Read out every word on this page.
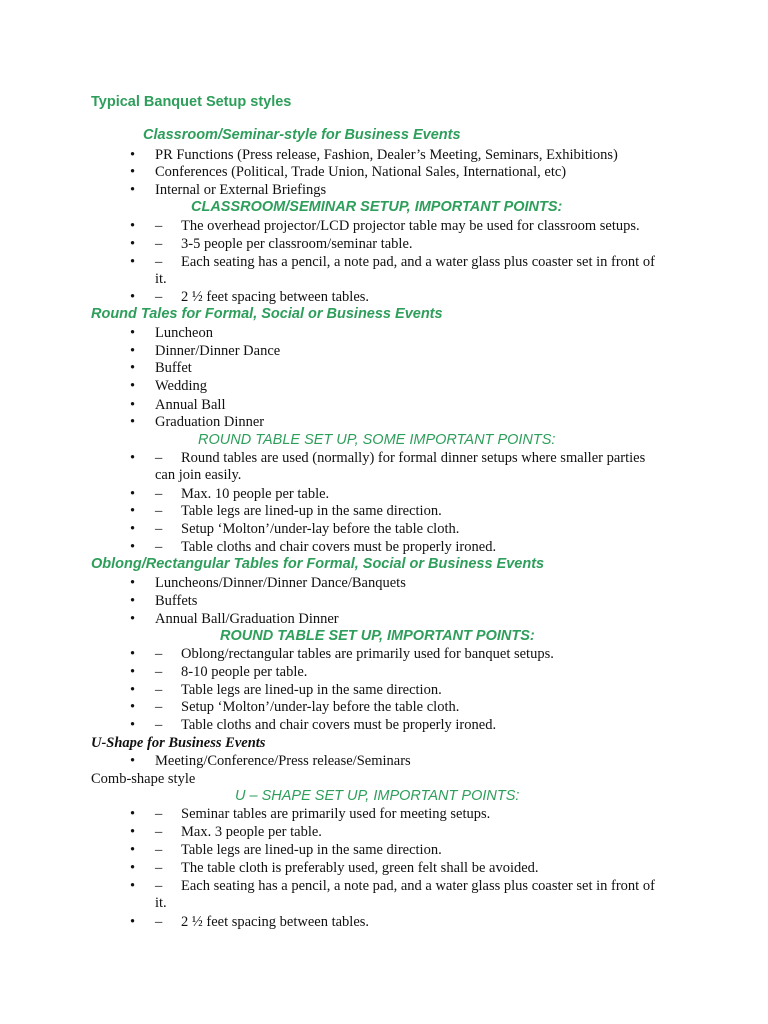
Typical Banquet Setup styles
Classroom/Seminar-style for Business Events
• PR Functions (Press release, Fashion, Dealer’s Meeting, Seminars, Exhibitions)
• Conferences (Political, Trade Union, National Sales, International, etc)
• Internal or External Briefings
CLASSROOM/SEMINAR SETUP, IMPORTANT POINTS:
• – The overhead projector/LCD projector table may be used for classroom setups.
• – 3-5 people per classroom/seminar table.
• – Each seating has a pencil, a note pad, and a water glass plus coaster set in front of
it.
• – 2 ½ feet spacing between tables.
Round Tales for Formal, Social or Business Events
• Luncheon
• Dinner/Dinner Dance
• Buffet
• Wedding
• Annual Ball
• Graduation Dinner
ROUND TABLE SET UP, SOME IMPORTANT POINTS:
• – Round tables are used (normally) for formal dinner setups where smaller parties
can join easily.
• – Max. 10 people per table.
• – Table legs are lined-up in the same direction.
• – Setup ‘Molton’/under-lay before the table cloth.
• – Table cloths and chair covers must be properly ironed.
Oblong/Rectangular Tables for Formal, Social or Business Events
• Luncheons/Dinner/Dinner Dance/Banquets
• Buffets
• Annual Ball/Graduation Dinner
ROUND TABLE SET UP, IMPORTANT POINTS:
• – Oblong/rectangular tables are primarily used for banquet setups.
• – 8-10 people per table.
• – Table legs are lined-up in the same direction.
• – Setup ‘Molton’/under-lay before the table cloth.
• – Table cloths and chair covers must be properly ironed.
U-Shape for Business Events
• Meeting/Conference/Press release/Seminars
Comb-shape style
U – SHAPE SET UP, IMPORTANT POINTS:
• – Seminar tables are primarily used for meeting setups.
• – Max. 3 people per table.
• – Table legs are lined-up in the same direction.
• – The table cloth is preferably used, green felt shall be avoided.
• – Each seating has a pencil, a note pad, and a water glass plus coaster set in front of
it.
• – 2 ½ feet spacing between tables.
